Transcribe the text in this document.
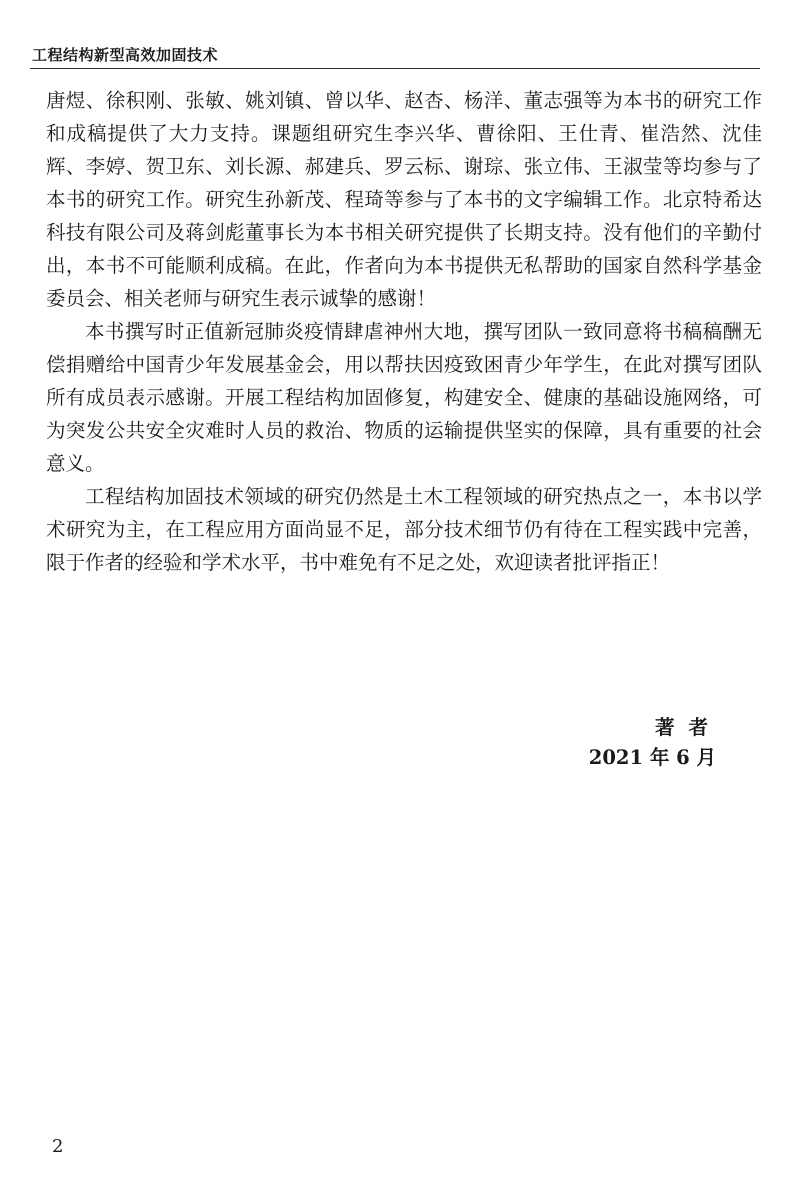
工程结构新型高效加固技术

唐煜、徐积刚、张敏、姚刘镇、曾以华、赵杏、杨洋、董志强等为本书的研究工作和成稿提供了大力支持。课题组研究生李兴华、曹徐阳、王仕青、崔浩然、沈佳辉、李婷、贺卫东、刘长源、郝建兵、罗云标、谢琮、张立伟、王淑莹等均参与了本书的研究工作。研究生孙新茂、程琦等参与了本书的文字编辑工作。北京特希达科技有限公司及蒋剑彪董事长为本书相关研究提供了长期支持。没有他们的辛勤付出，本书不可能顺利成稿。在此，作者向为本书提供无私帮助的国家自然科学基金委员会、相关老师与研究生表示诚挚的感谢！

本书撰写时正值新冠肺炎疫情肆虐神州大地，撰写团队一致同意将书稿稿酬无偿捐赠给中国青少年发展基金会，用以帮扶因疫致困青少年学生，在此对撰写团队所有成员表示感谢。开展工程结构加固修复，构建安全、健康的基础设施网络，可为突发公共安全灾难时人员的救治、物质的运输提供坚实的保障，具有重要的社会意义。

工程结构加固技术领域的研究仍然是土木工程领域的研究热点之一，本书以学术研究为主，在工程应用方面尚显不足，部分技术细节仍有待在工程实践中完善，限于作者的经验和学术水平，书中难免有不足之处，欢迎读者批评指正！

著者
2021 年 6 月
2
